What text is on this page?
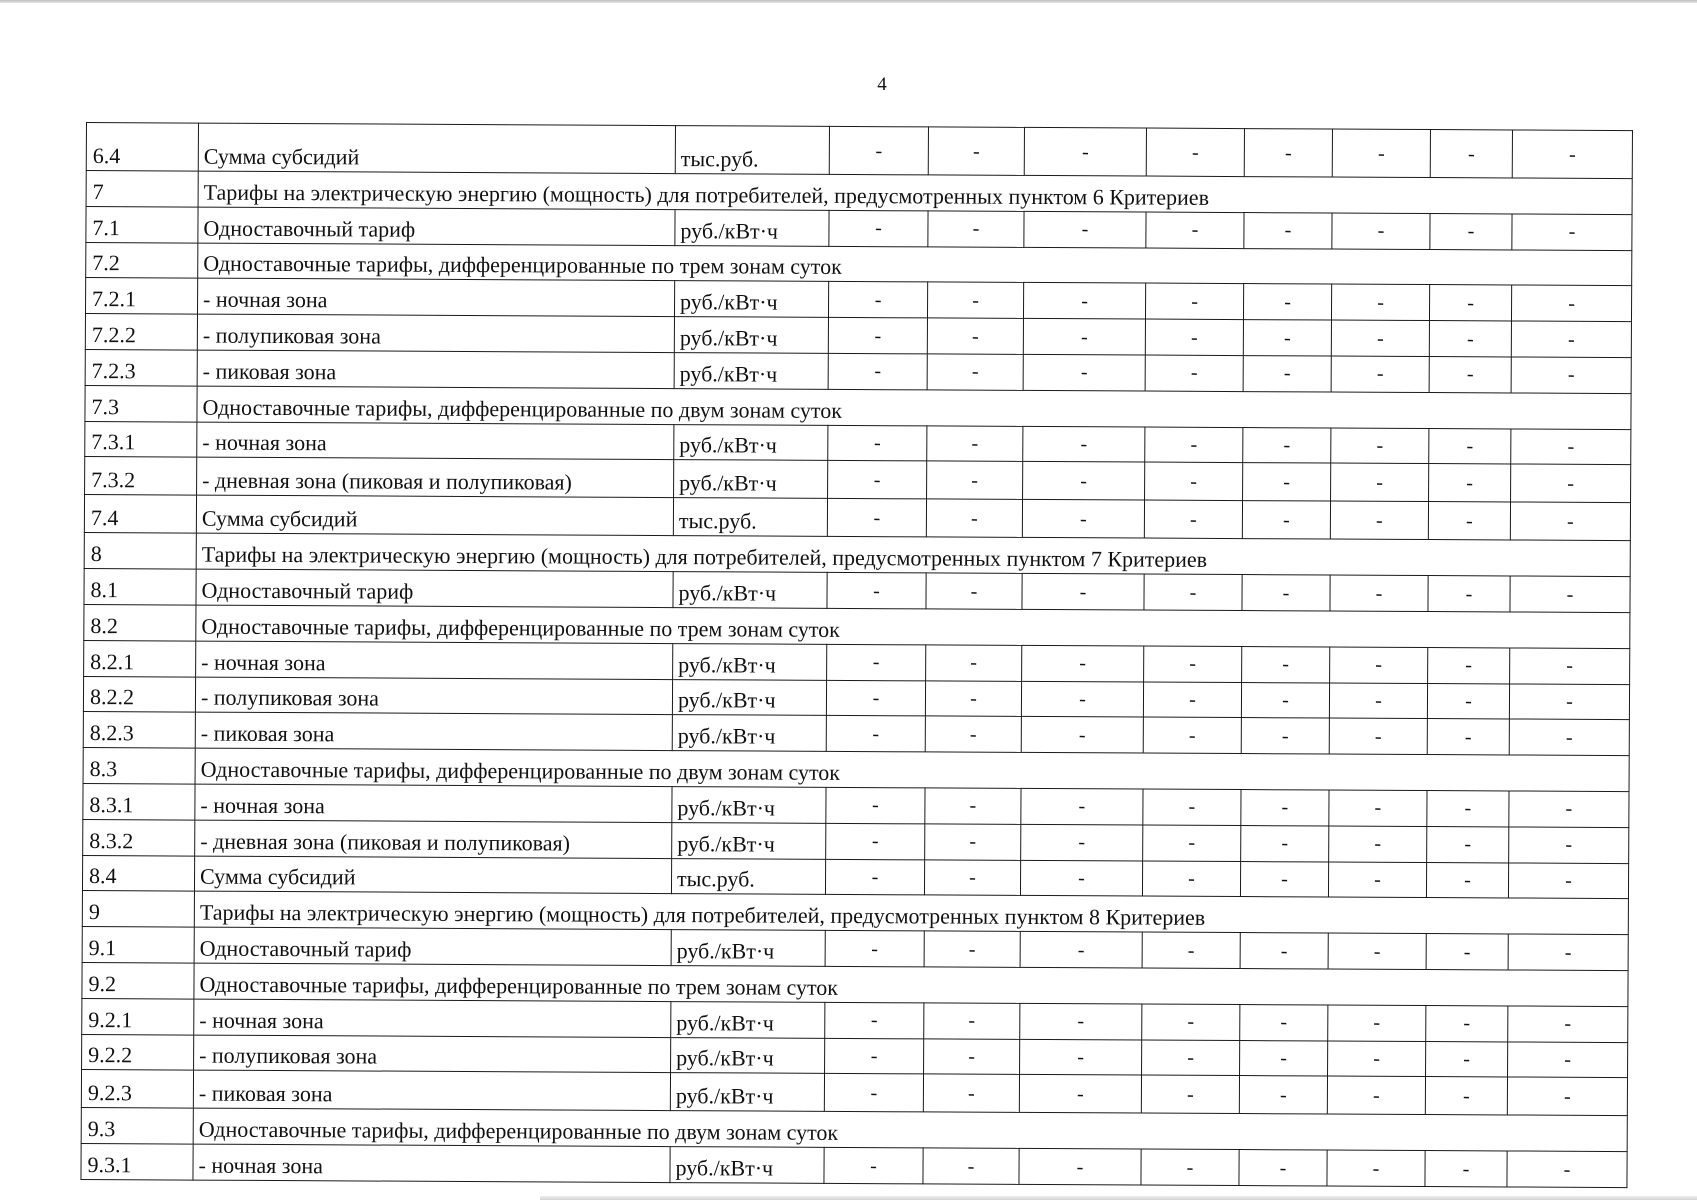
4
6.4	Сумма субсидий	тыс.руб.	-	-	-	-	-	-	-	-
7	Тарифы на электрическую энергию (мощность) для потребителей, предусмотренных пунктом 6 Критериев									
7.1	Одноставочный тариф	руб./кВт·ч	-	-	-	-	-	-	-	-
7.2	Одноставочные тарифы, дифференцированные по трем зонам суток									
7.2.1	- ночная зона	руб./кВт·ч	-	-	-	-	-	-	-	-
7.2.2	- полупиковая зона	руб./кВт·ч	-	-	-	-	-	-	-	-
7.2.3	- пиковая зона	руб./кВт·ч	-	-	-	-	-	-	-	-
7.3	Одноставочные тарифы, дифференцированные по двум зонам суток									
7.3.1	- ночная зона	руб./кВт·ч	-	-	-	-	-	-	-	-
7.3.2	- дневная зона (пиковая и полупиковая)	руб./кВт·ч	-	-	-	-	-	-	-	-
7.4	Сумма субсидий	тыс.руб.	-	-	-	-	-	-	-	-
8	Тарифы на электрическую энергию (мощность) для потребителей, предусмотренных пунктом 7 Критериев									
8.1	Одноставочный тариф	руб./кВт·ч	-	-	-	-	-	-	-	-
8.2	Одноставочные тарифы, дифференцированные по трем зонам суток									
8.2.1	- ночная зона	руб./кВт·ч	-	-	-	-	-	-	-	-
8.2.2	- полупиковая зона	руб./кВт·ч	-	-	-	-	-	-	-	-
8.2.3	- пиковая зона	руб./кВт·ч	-	-	-	-	-	-	-	-
8.3	Одноставочные тарифы, дифференцированные по двум зонам суток									
8.3.1	- ночная зона	руб./кВт·ч	-	-	-	-	-	-	-	-
8.3.2	- дневная зона (пиковая и полупиковая)	руб./кВт·ч	-	-	-	-	-	-	-	-
8.4	Сумма субсидий	тыс.руб.	-	-	-	-	-	-	-	-
9	Тарифы на электрическую энергию (мощность) для потребителей, предусмотренных пунктом 8 Критериев									
9.1	Одноставочный тариф	руб./кВт·ч	-	-	-	-	-	-	-	-
9.2	Одноставочные тарифы, дифференцированные по трем зонам суток									
9.2.1	- ночная зона	руб./кВт·ч	-	-	-	-	-	-	-	-
9.2.2	- полупиковая зона	руб./кВт·ч	-	-	-	-	-	-	-	-
9.2.3	- пиковая зона	руб./кВт·ч	-	-	-	-	-	-	-	-
9.3	Одноставочные тарифы, дифференцированные по двум зонам суток									
9.3.1	- ночная зона	руб./кВт·ч	-	-	-	-	-	-	-	-
